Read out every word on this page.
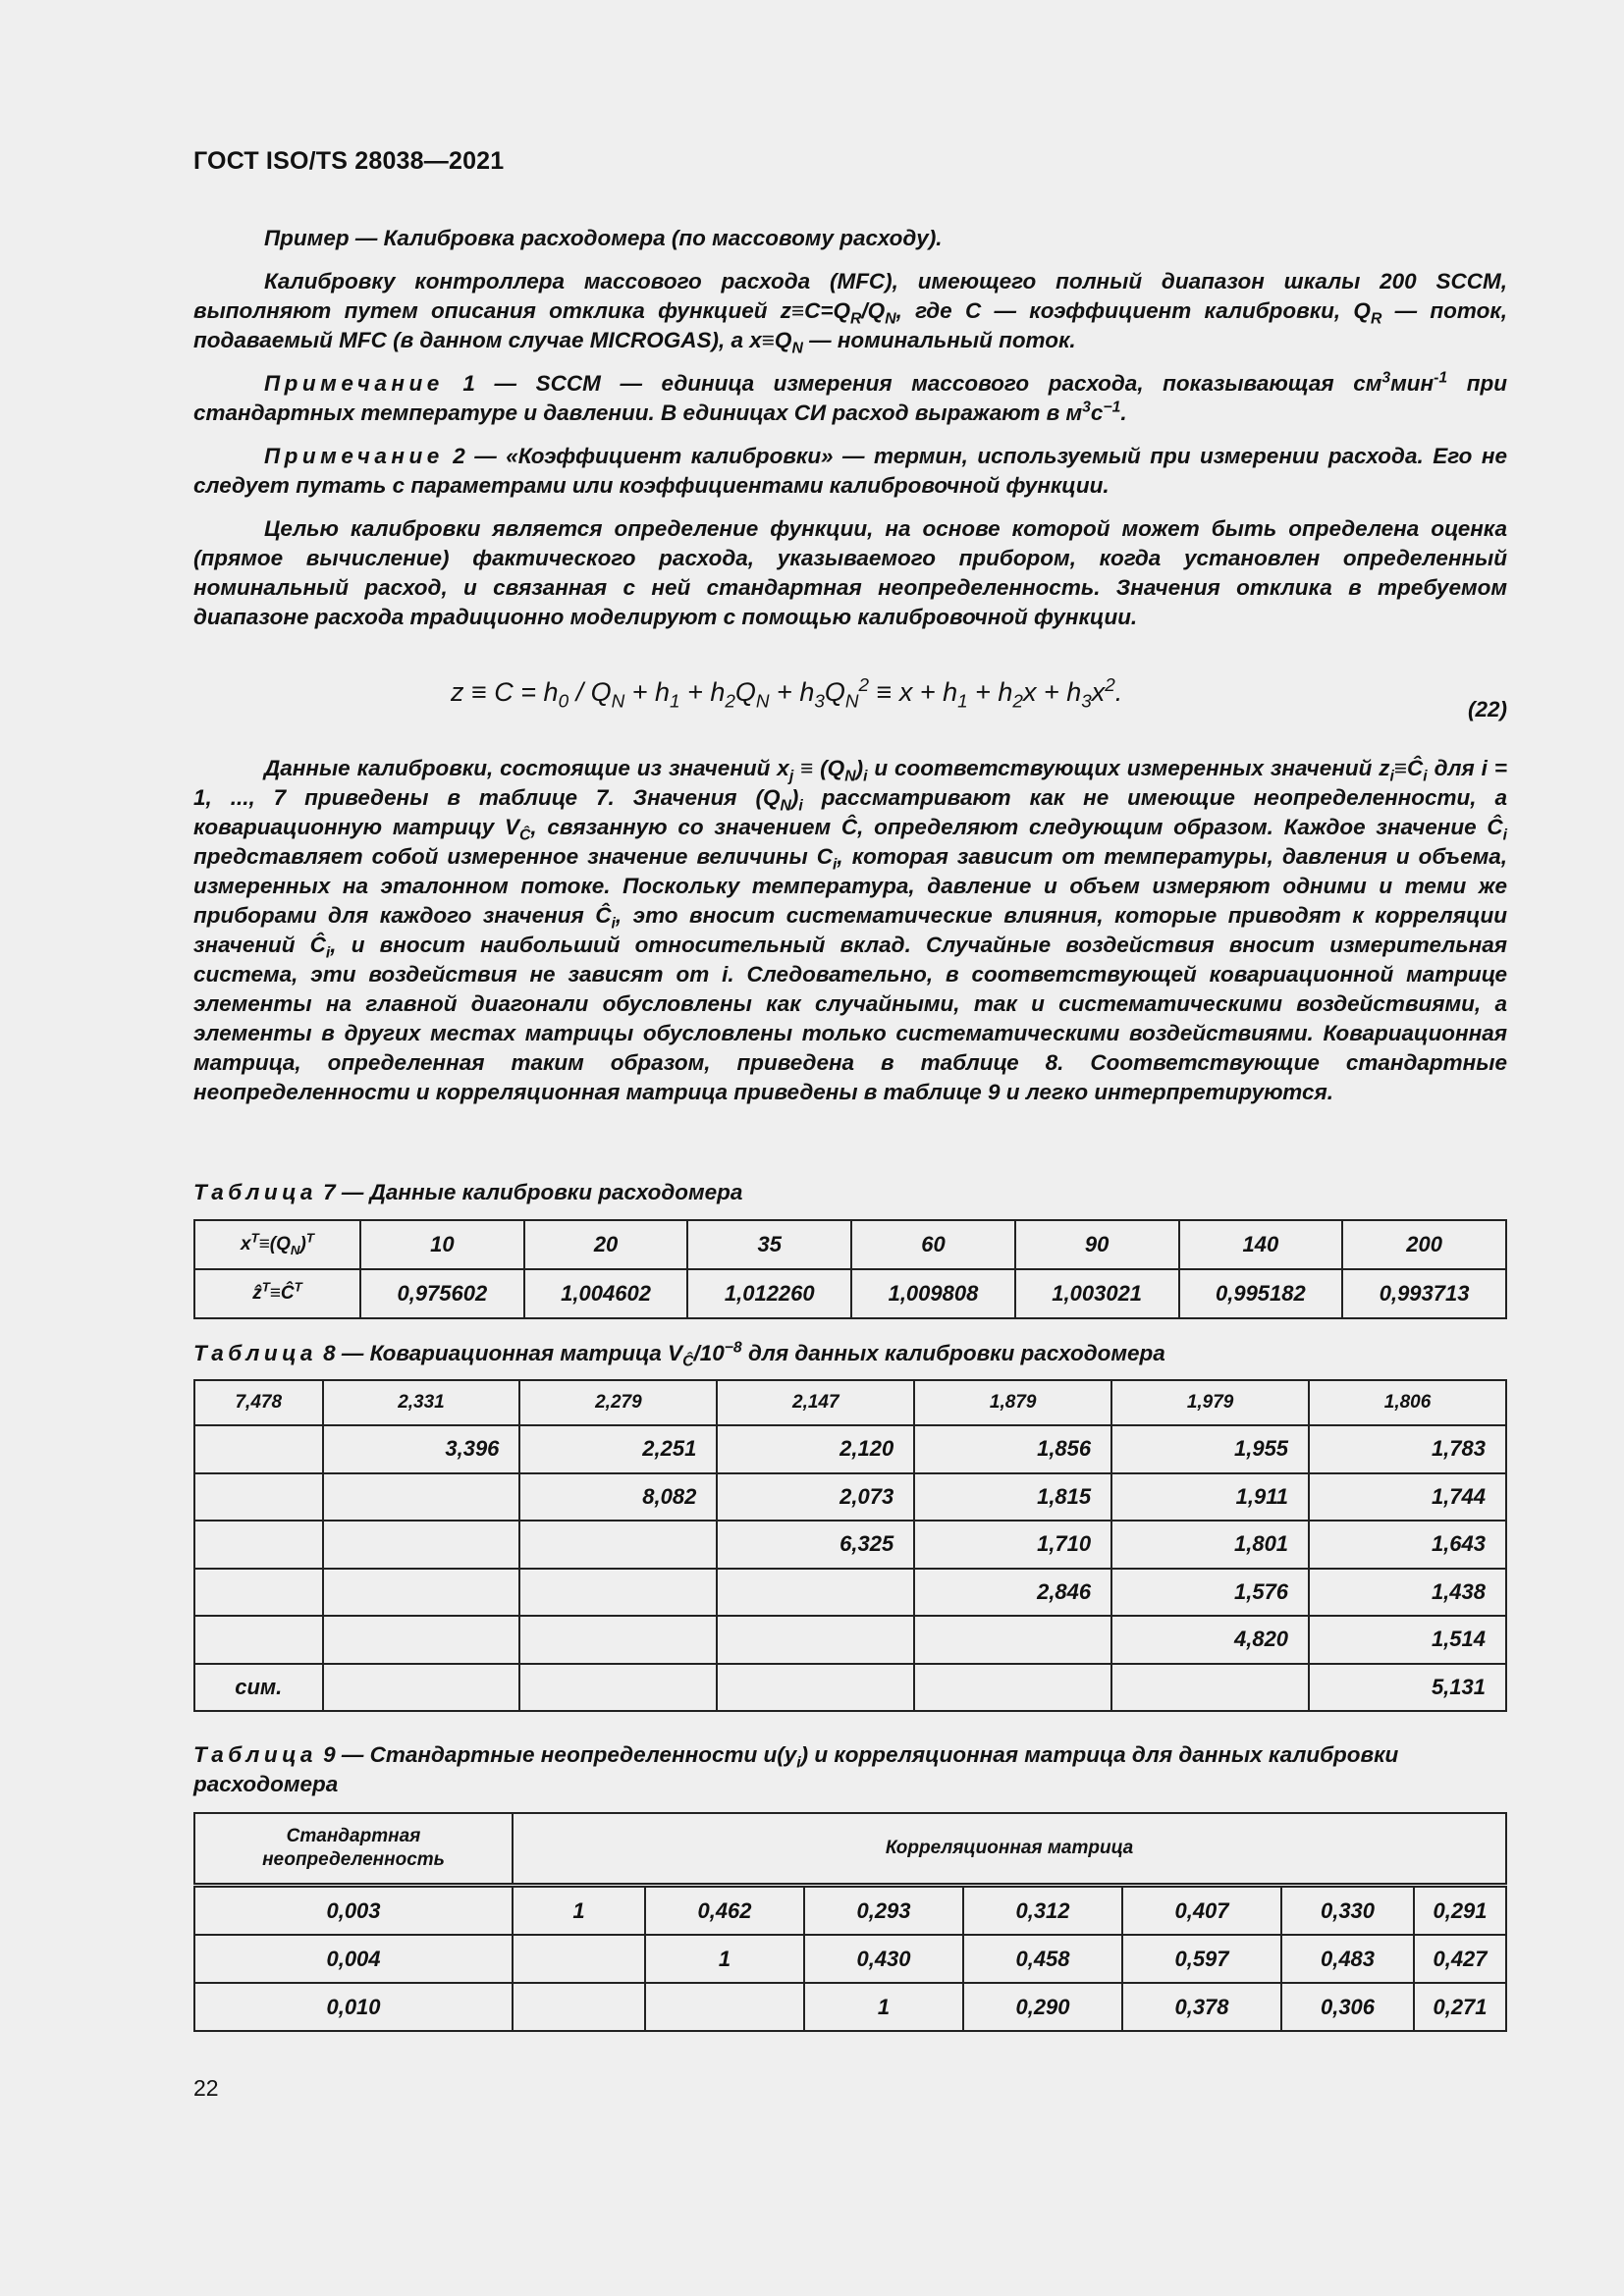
ГОСТ ISO/TS 28038—2021

Пример — Калибровка расходомера (по массовому расходу).

Калибровку контроллера массового расхода (MFC), имеющего полный диапазон шкалы 200 SCCM, выполняют путем описания отклика функцией $z\equiv C=Q_R/Q_N$, где C — коэффициент калибровки, $Q_R$ — поток, подаваемый MFC (в данном случае MICROGAS), а $x\equiv Q_N$ — номинальный поток.

Примечание 1 — SCCM — единица измерения массового расхода, показывающая $см^3мин^{-1}$ при стандартных температуре и давлении. В единицах СИ расход выражают в $м^3с^{-1}$.

Примечание 2 — «Коэффициент калибровки» — термин, используемый при измерении расхода. Его не следует путать с параметрами или коэффициентами калибровочной функции.

Целью калибровки является определение функции, на основе которой может быть определена оценка (прямое вычисление) фактического расхода, указываемого прибором, когда установлен определенный номинальный расход, и связанная с ней стандартная неопределенность. Значения отклика в требуемом диапазоне расхода традиционно моделируют с помощью калибровочной функции.

$z \equiv C = h_0 / Q_N + h_1 + h_2Q_N + h_3Q_N^2 \equiv x + h_1 + h_2x + h_3x^2$.
(22)

Данные калибровки, состоящие из значений $x_j \equiv (Q_N)_i$ и соответствующих измеренных значений $z_i\equiv Ĉ_i$ для i = 1, ..., 7 приведены в таблице 7. Значения $(Q_N)_i$ рассматривают как не имеющие неопределенности, а ковариационную матрицу $V_Ĉ$, связанную со значением Ĉ, определяют следующим образом. Каждое значение $Ĉ_i$ представляет собой измеренное значение величины $C_i$, которая зависит от температуры, давления и объема, измеренных на эталонном потоке. Поскольку температура, давление и объем измеряют одними и теми же приборами для каждого значения $Ĉ_i$, это вносит систематические влияния, которые приводят к корреляции значений $Ĉ_i$, и вносит наибольший относительный вклад. Случайные воздействия вносит измерительная система, эти воздействия не зависят от i. Следовательно, в соответствующей ковариационной матрице элементы на главной диагонали обусловлены как случайными, так и систематическими воздействиями, а элементы в других местах матрицы обусловлены только систематическими воздействиями. Ковариационная матрица, определенная таким образом, приведена в таблице 8. Соответствующие стандартные неопределенности и корреляционная матрица приведены в таблице 9 и легко интерпретируются.

Таблица 7 — Данные калибровки расходомера
$x^T\equiv(Q_N)^T$	10	20	35	60	90	140	200
$ẑ^T\equiv Ĉ^T$	0,975602	1,004602	1,012260	1,009808	1,003021	0,995182	0,993713
Таблица 8 — Ковариационная матрица $V_Ĉ/10^{-8}$ для данных калибровки расходомера
7,478	2,331	2,279	2,147	1,879	1,979	1,806
	3,396	2,251	2,120	1,856	1,955	1,783
		8,082	2,073	1,815	1,911	1,744
			6,325	1,710	1,801	1,643
				2,846	1,576	1,438
					4,820	1,514
сим.						5,131
Таблица 9 — Стандартные неопределенности $u(y_i)$ и корреляционная матрица для данных калибровки расходомера
Стандартная неопределенность	Корреляционная матрица						
0,003	1	0,462	0,293	0,312	0,407	0,330	0,291
0,004		1	0,430	0,458	0,597	0,483	0,427
0,010			1	0,290	0,378	0,306	0,271
22
